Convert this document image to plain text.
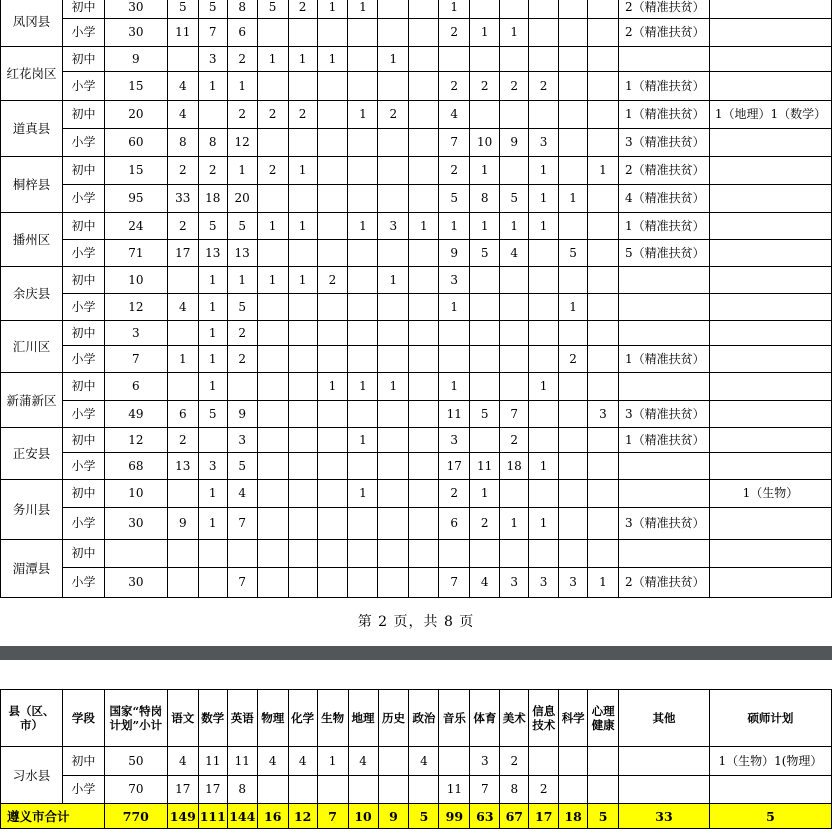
凤冈县	初中	30	5	5	8	5	2	1	1			1						2（精准扶贫）	
	小学	30	11	7	6							2	1	1				2（精准扶贫）	
红花岗区	初中	9		3	2	1	1	1		1									
	小学	15	4	1	1							2	2	2	2			1（精准扶贫）	
道真县	初中	20	4		2	2	2		1	2		4						1（精准扶贫）	1（地理）1（数学）
	小学	60	8	8	12							7	10	9	3			3（精准扶贫）	
桐梓县	初中	15	2	2	1	2	1					2	1		1		1	2（精准扶贫）	
	小学	95	33	18	20							5	8	5	1	1		4（精准扶贫）	
播州区	初中	24	2	5	5	1	1		1	3	1	1	1	1	1			1（精准扶贫）	
	小学	71	17	13	13							9	5	4		5		5（精准扶贫）	
余庆县	初中	10		1	1	1	1	2		1		3							
	小学	12	4	1	5							1				1			
汇川区	初中	3		1	2														
	小学	7	1	1	2											2		1（精准扶贫）	
新蒲新区	初中	6		1				1	1	1		1			1				
	小学	49	6	5	9							11	5	7			3	3（精准扶贫）	
正安县	初中	12	2		3				1			3		2				1（精准扶贫）	
	小学	68	13	3	5							17	11	18	1				
务川县	初中	10		1	4				1			2	1						1（生物）
	小学	30	9	1	7							6	2	1	1			3（精准扶贫）	
湄潭县	初中																		
	小学	30			7							7	4	3	3	3	1	2（精准扶贫）	
第 2 页，共 8 页
县（区、市）	学段	国家“特岗计划”小计	语文	数学	英语	物理	化学	生物	地理	历史	政治	音乐	体育	美术	信息技术	科学	心理健康	其他	硕师计划
习水县	初中	50	4	11	11	4	4	1	4		4		3	2					1（生物）1(物理）
	小学	70	17	17	8							11	7	8	2				
遵义市合计		770	149	111	144	16	12	7	10	9	5	99	63	67	17	18	5	33	5
